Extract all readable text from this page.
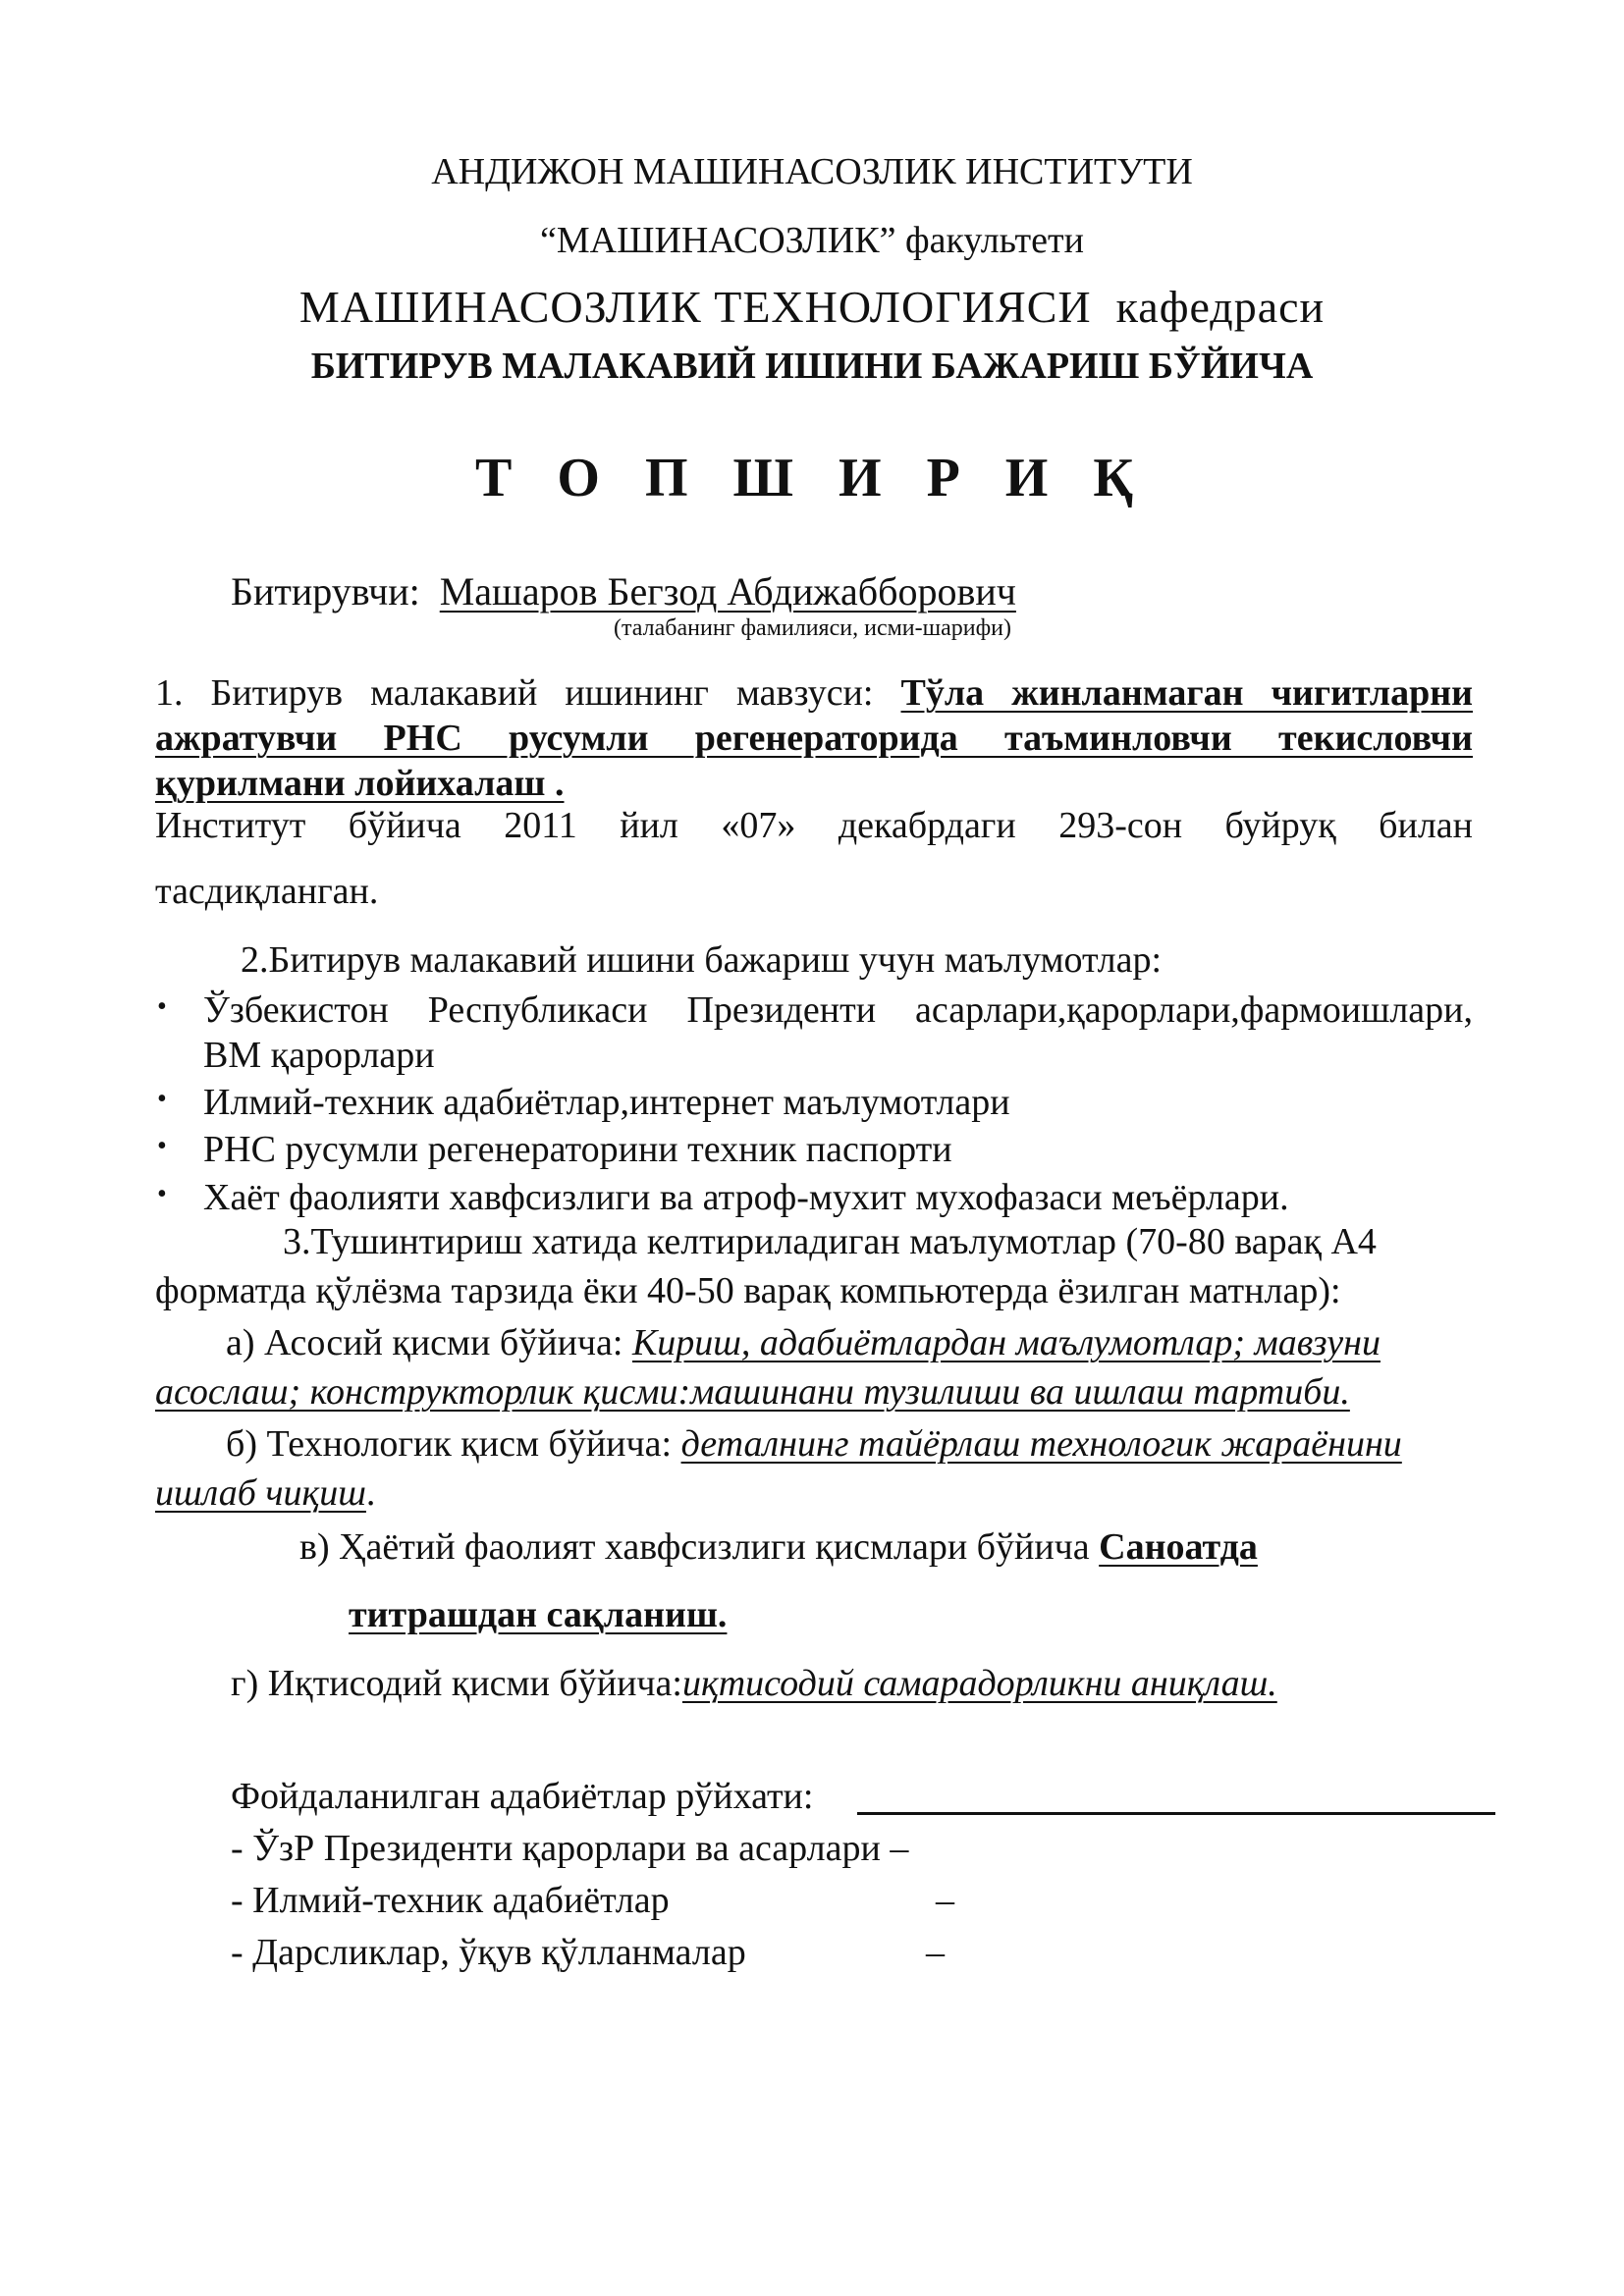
АНДИЖОН МАШИНАСОЗЛИК ИНСТИТУТИ
“МАШИНАСОЗЛИК” факультети
МАШИНАСОЗЛИК ТЕХНОЛОГИЯСИ кафедраси
БИТИРУВ МАЛАКАВИЙ ИШИНИ БАЖАРИШ БЎЙИЧА
Т О П Ш И Р И Қ
Битирувчи: Машаров Бегзод Абдижабборович
(талабанинг фамилияси, исми-шарифи)
1. Битирув малакавий ишининг мавзуси: Тўла жинланмаган чигитларни
ажратувчи РНС русумли регенераторида таъминловчи текисловчи
қурилмани лойихалаш .
Институт бўйича 2011 йил «07» декабрдаги 293-сон буйруқ билан
тасдиқланган.
2.Битирув малакавий ишини бажариш учун маълумотлар:
• Ўзбекистон Республикаси Президенти асарлари,қарорлари,фармоишлари,
ВМ қарорлари
• Илмий-техник адабиётлар,интернет маълумотлари
• РНС русумли регенераторини техник паспорти
• Хаёт фаолияти хавфсизлиги ва атроф-мухит мухофазаси меъёрлари.
3.Тушинтириш хатида келтириладиган маълумотлар (70-80 варақ А4
форматда қўлёзма тарзида ёки 40-50 варақ компьютерда ёзилган матнлар):
а) Асосий қисми бўйича: Кириш, адабиётлардан маълумотлар; мавзуни
асослаш; конструкторлик қисми:машинани тузилиши ва ишлаш тартиби.
б) Технологик қисм бўйича: деталнинг тайёрлаш технологик жараёнини
ишлаб чиқиш.
в) Ҳаётий фаолият хавфсизлиги қисмлари бўйича Саноатда
титрашдан сақланиш.
г) Иқтисодий қисми бўйича:иқтисодий самарадорликни аниқлаш.
Фойдаланилган адабиётлар рўйхати:
- ЎзР Президенти қарорлари ва асарлари –
- Илмий-техник адабиётлар	–
- Дарсликлар, ўқув қўлланмалар	–
